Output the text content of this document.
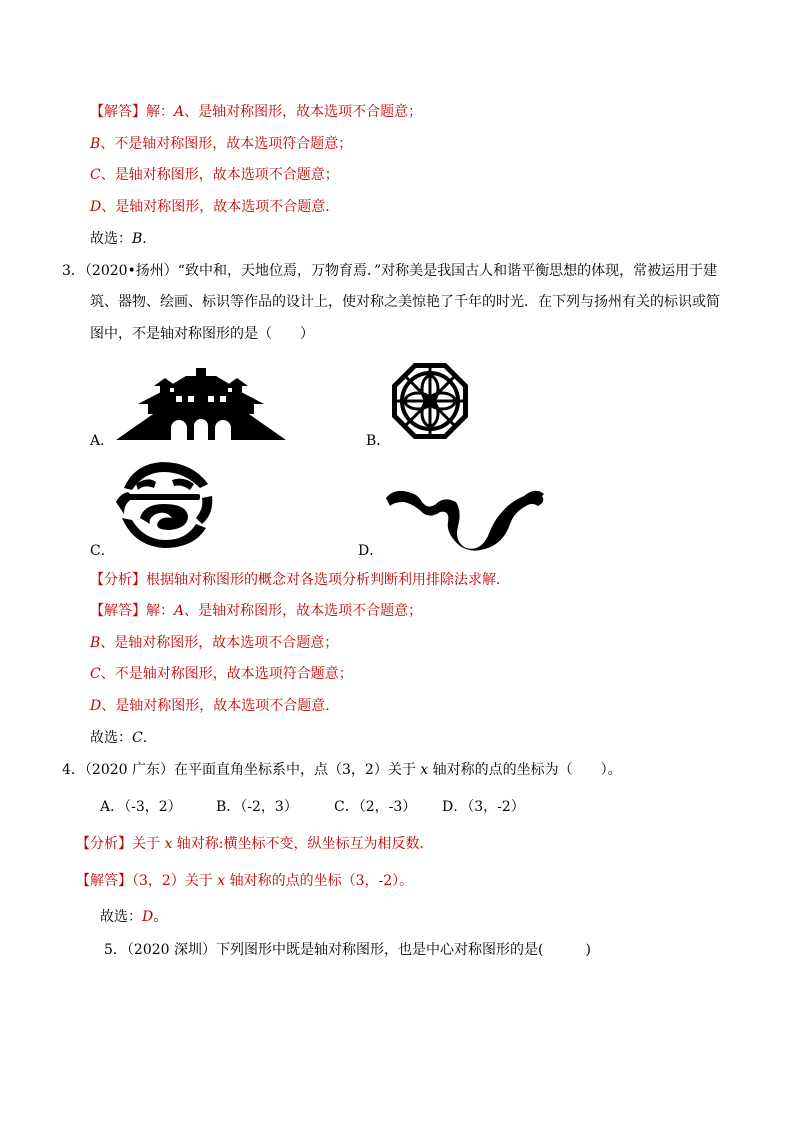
【解答】解：A、是轴对称图形，故本选项不合题意；
B、不是轴对称图形，故本选项符合题意；
C、是轴对称图形，故本选项不合题意；
D、是轴对称图形，故本选项不合题意．
故选：B．
3．（2020•扬州）“致中和，天地位焉，万物育焉．”对称美是我国古人和谐平衡思想的体现，常被运用于建
筑、器物、绘画、标识等作品的设计上，使对称之美惊艳了千年的时光．在下列与扬州有关的标识或简
图中，不是轴对称图形的是（　　）
A．	B．
C．	D．
【分析】根据轴对称图形的概念对各选项分析判断利用排除法求解．
【解答】解：A、是轴对称图形，故本选项不合题意；
B、是轴对称图形，故本选项不合题意；
C、不是轴对称图形，故本选项符合题意；
D、是轴对称图形，故本选项不合题意．
故选：C．
4．（2020 广东）在平面直角坐标系中，点（3，2）关于 x 轴对称的点的坐标为（　　）。
A．（-3，2） B．（-2，3）	C．（2，-3） D．（3，-2）
【分析】关于 x 轴对称:横坐标不变，纵坐标互为相反数．
【解答】（3，2）关于 x 轴对称的点的坐标（3，-2）。
故选：D。
5．（2020 深圳）下列图形中既是轴对称图形，也是中心对称图形的是(　　　)
